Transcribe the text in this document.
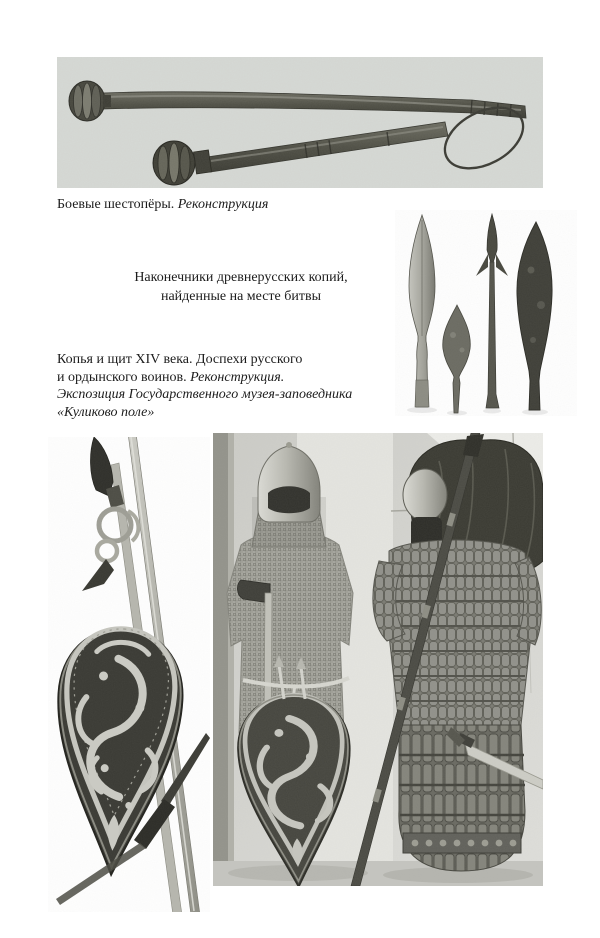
Боевые шестопёры. Реконструкция

Наконечники древнерусских копий,
найденные на месте битвы

Копья и щит XIV века. Доспехи русского
и ордынского воинов. Реконструкция.
Экспозиция Государственного музея-заповедника
«Куликово поле»
